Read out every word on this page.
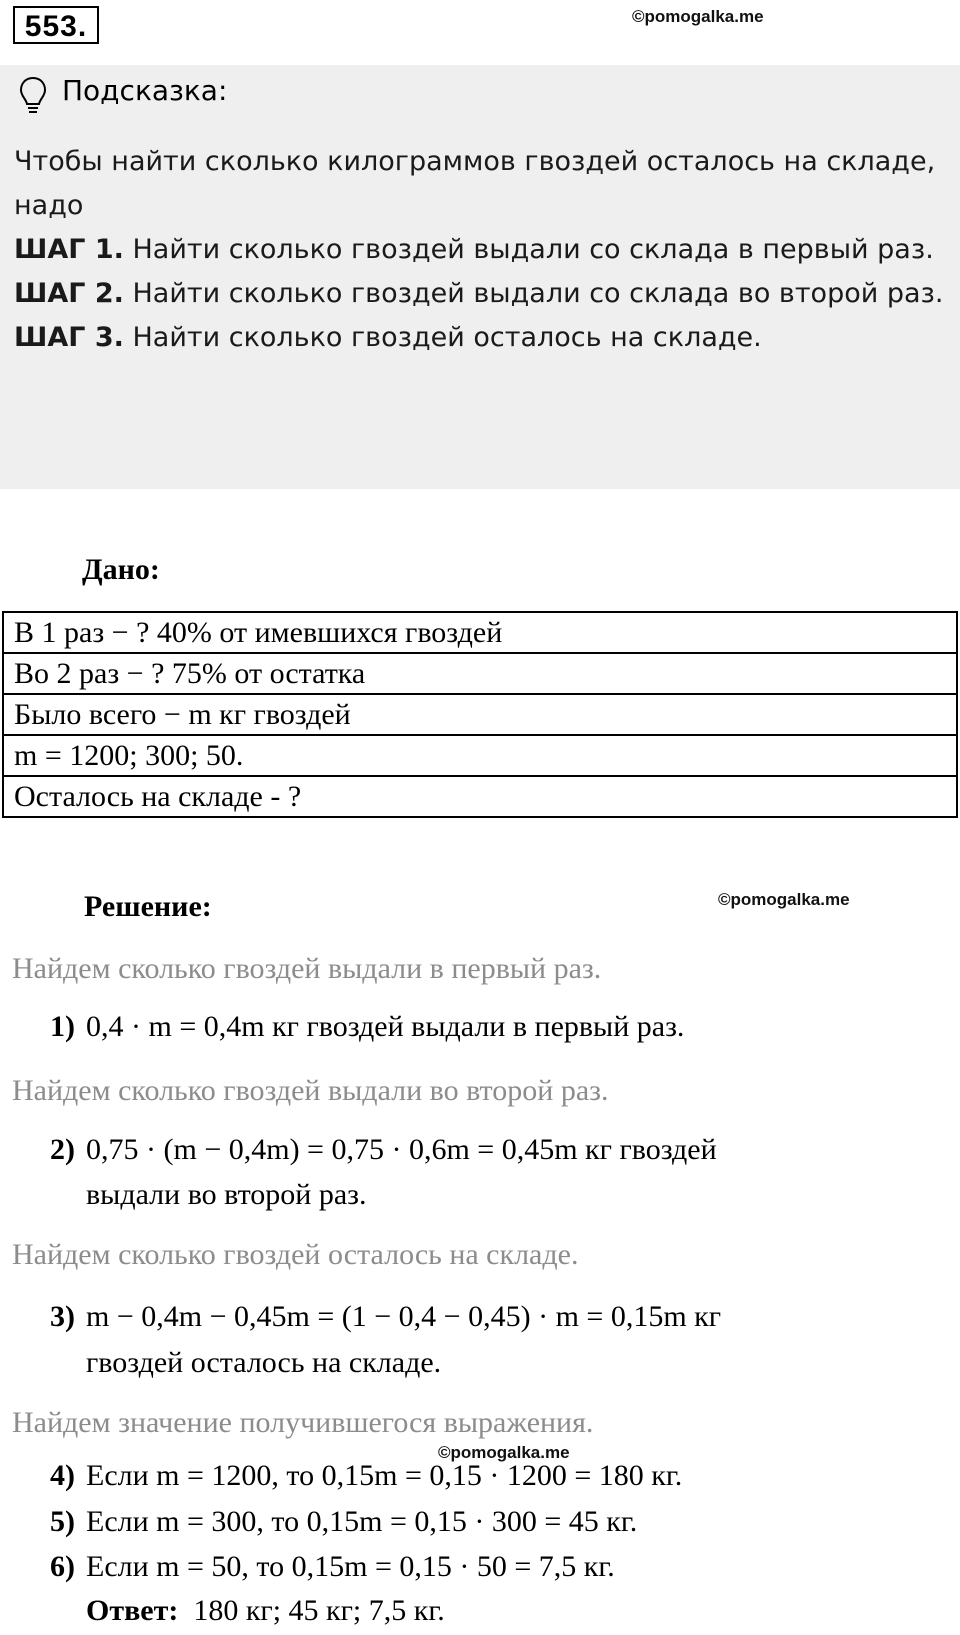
553.	©pomogalka.me
Подсказка:
Чтобы найти сколько килограммов гвоздей осталось на складе, надо
ШАГ 1. Найти сколько гвоздей выдали со склада в первый раз.
ШАГ 2. Найти сколько гвоздей выдали со склада во второй раз.
ШАГ 3. Найти сколько гвоздей осталось на складе.
Дано:
В 1 раз − ? 40% от имевшихся гвоздей
Во 2 раз − ? 75% от остатка
Было всего − m кг гвоздей
m = 1200; 300; 50.
Осталось на складе - ?
Решение:	©pomogalka.me
Найдем сколько гвоздей выдали в первый раз.
1) 0,4 · m = 0,4m кг гвоздей выдали в первый раз.
Найдем сколько гвоздей выдали во второй раз.
2) 0,75 · (m − 0,4m) = 0,75 · 0,6m = 0,45m кг гвоздей
выдали во второй раз.
Найдем сколько гвоздей осталось на складе.
3) m − 0,4m − 0,45m = (1 − 0,4 − 0,45) · m = 0,15m кг
гвоздей осталось на складе.
Найдем значение получившегося выражения.
©pomogalka.me
4) Если m = 1200, то 0,15m = 0,15 · 1200 = 180 кг.
5) Если m = 300, то 0,15m = 0,15 · 300 = 45 кг.
6) Если m = 50, то 0,15m = 0,15 · 50 = 7,5 кг.
Ответ: 180 кг; 45 кг; 7,5 кг.
